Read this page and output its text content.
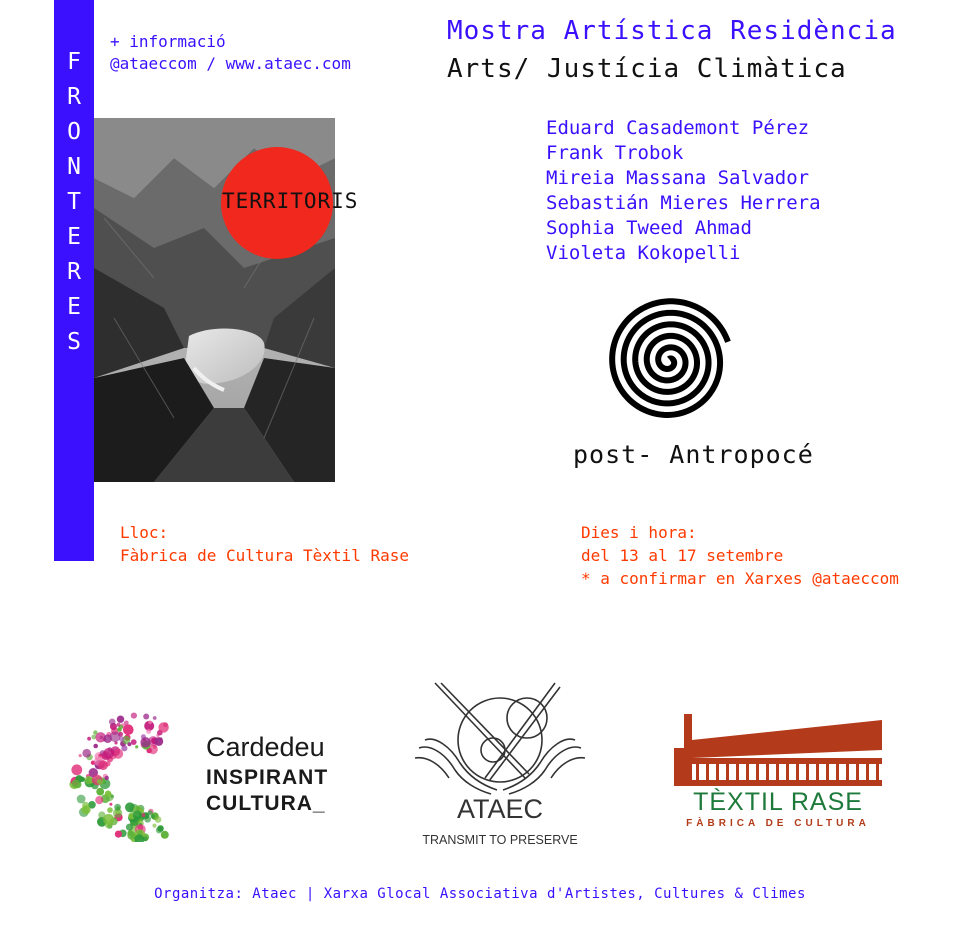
F
R
O
N
T
E
R
E
S
+ informació
@ataeccom / www.ataec.com
Mostra Artística Residència
Arts/ Justícia Climàtica
Eduard Casademont Pérez
Frank Trobok
Mireia Massana Salvador
Sebastián Mieres Herrera
Sophia Tweed Ahmad
Violeta Kokopelli
TERRITORIS
post- Antropocé
Lloc:
Fàbrica de Cultura Tèxtil Rase
Dies i hora:
del 13 al 17 setembre
* a confirmar en Xarxes @ataeccom
Cardedeu
INSPIRANT
CULTURA_	ATAEC
TRANSMIT TO PRESERVE
TÈXTIL RASE
FÀBRICA DE CULTURA
Organitza: Ataec | Xarxa Glocal Associativa d'Artistes, Cultures & Climes
